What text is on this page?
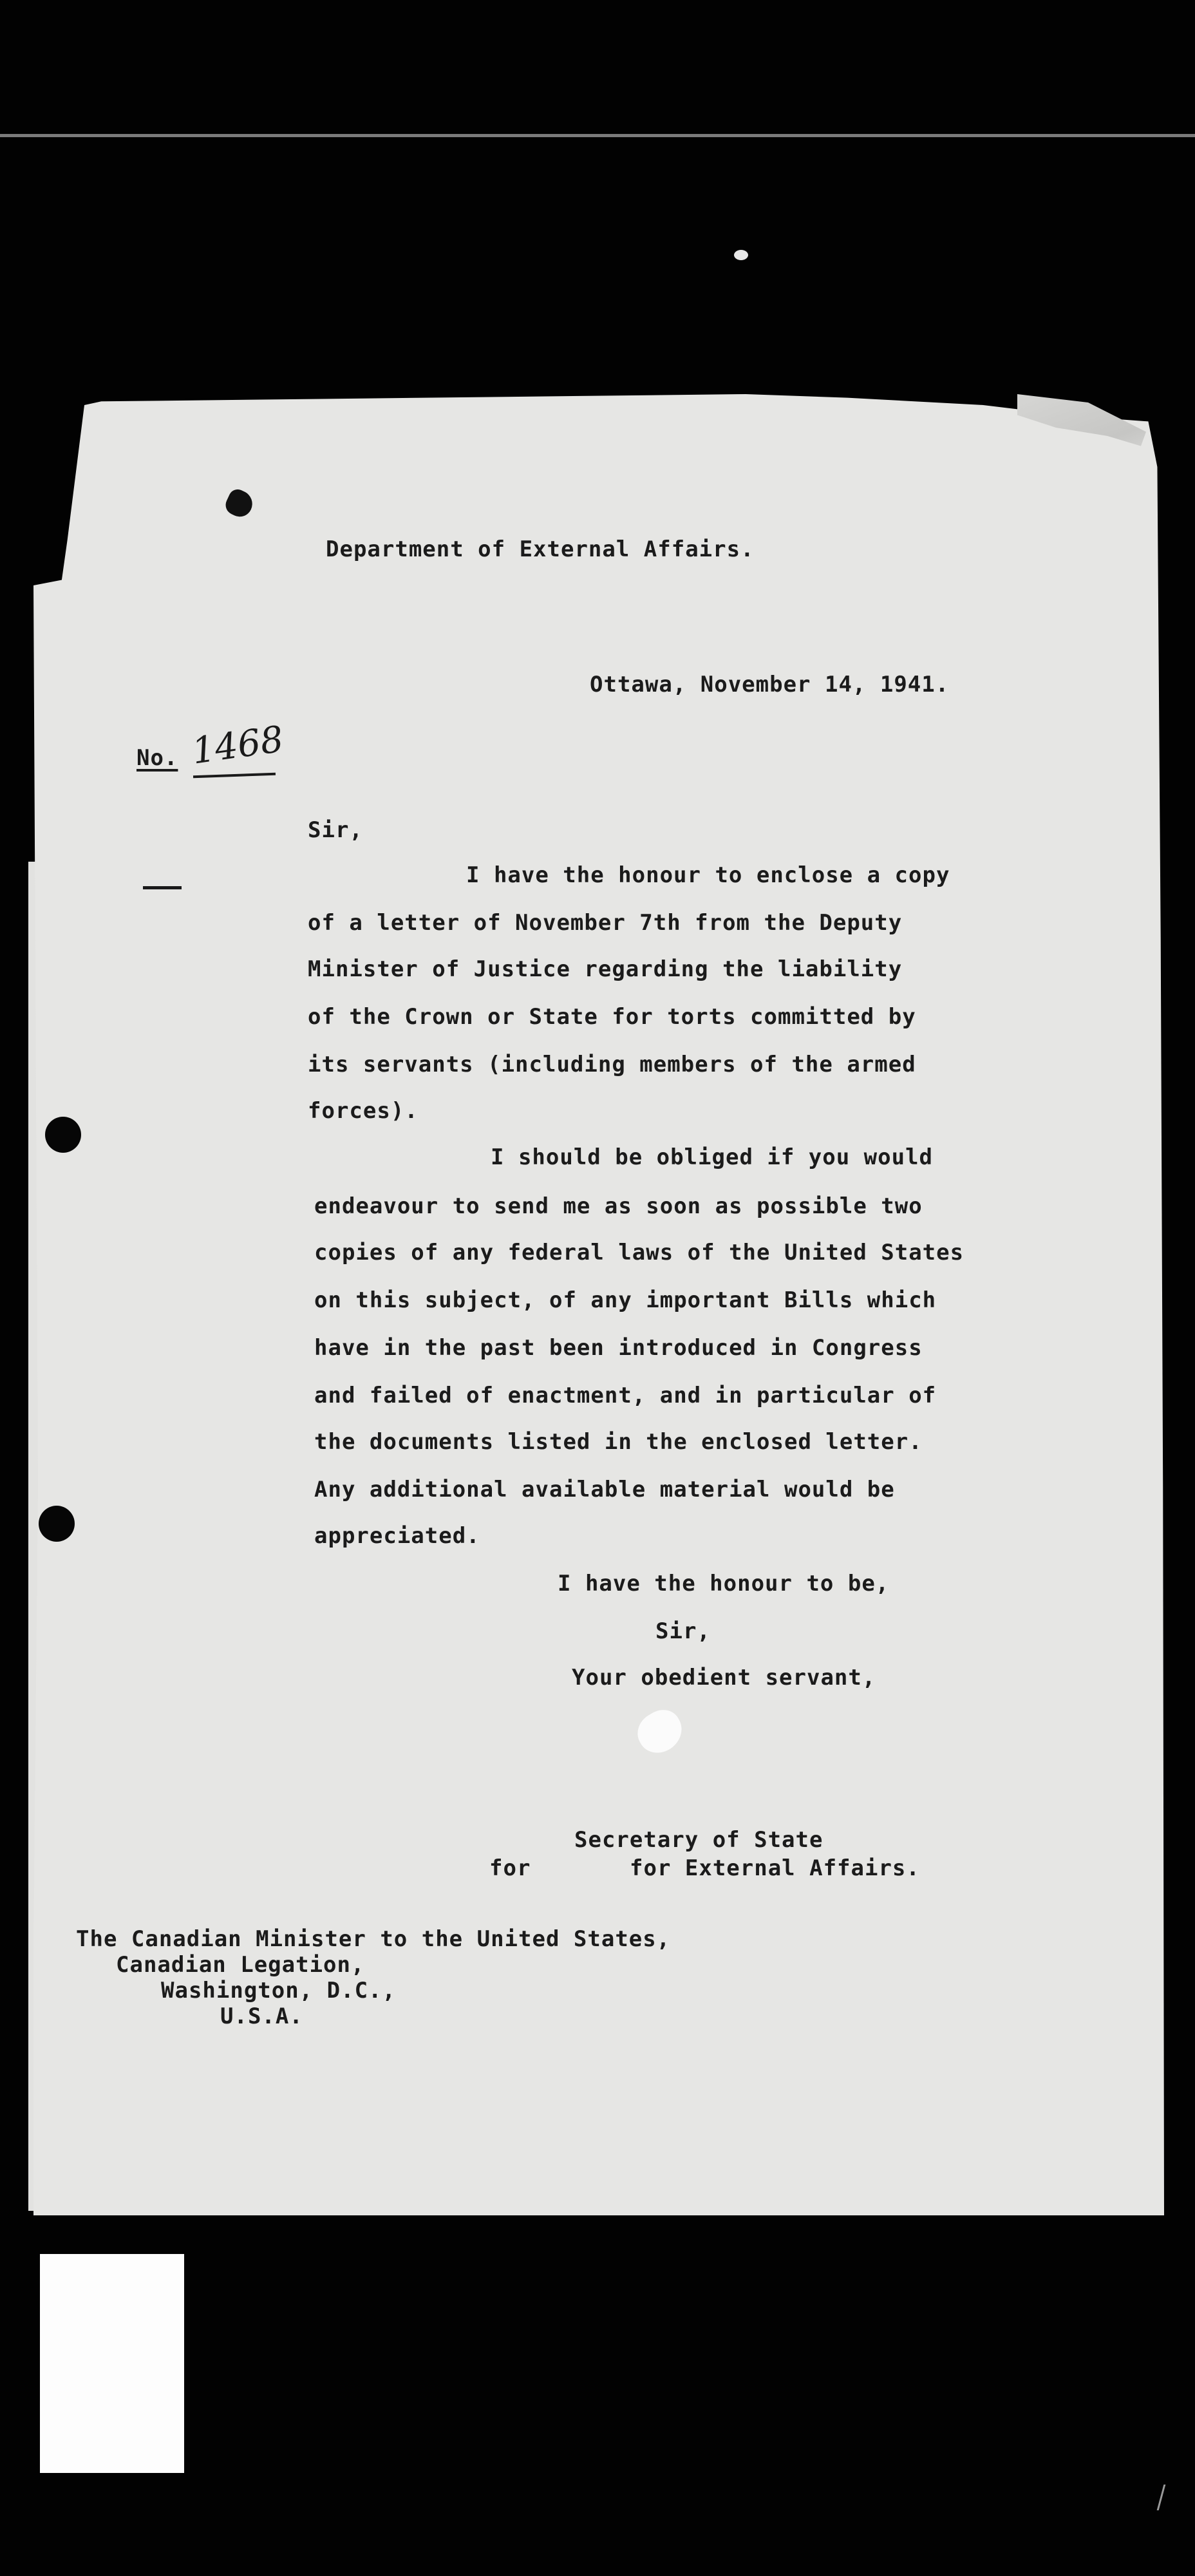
Department of External Affairs.
Ottawa, November 14, 1941.
No. 1468
Sir,
I have the honour to enclose a copy
of a letter of November 7th from the Deputy
Minister of Justice regarding the liability
of the Crown or State for torts committed by
its servants (including members of the armed
forces).
I should be obliged if you would
endeavour to send me as soon as possible two
copies of any federal laws of the United States
on this subject, of any important Bills which
have in the past been introduced in Congress
and failed of enactment, and in particular of
the documents listed in the enclosed letter.
Any additional available material would be
appreciated.
I have the honour to be,
Sir,
Your obedient servant,
Secretary of State
for	for External Affairs.
The Canadian Minister to the United States,
Canadian Legation,
Washington, D.C.,
U.S.A.
